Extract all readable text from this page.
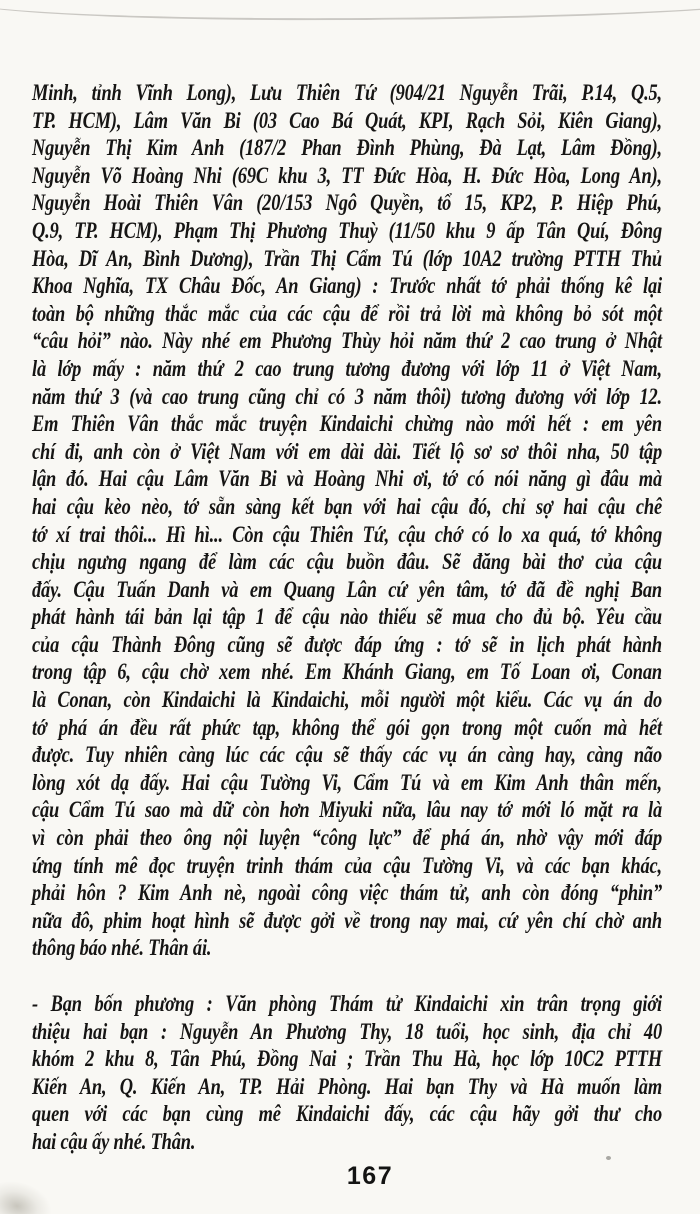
Minh, tỉnh Vĩnh Long), Lưu Thiên Tứ (904/21 Nguyễn Trãi, P.14, Q.5,
TP. HCM), Lâm Văn Bi (03 Cao Bá Quát, KPI, Rạch Sỏi, Kiên Giang),
Nguyễn Thị Kim Anh (187/2 Phan Đình Phùng, Đà Lạt, Lâm Đồng),
Nguyễn Võ Hoàng Nhi (69C khu 3, TT Đức Hòa, H. Đức Hòa, Long An),
Nguyễn Hoài Thiên Vân (20/153 Ngô Quyền, tổ 15, KP2, P. Hiệp Phú,
Q.9, TP. HCM), Phạm Thị Phương Thuỳ (11/50 khu 9 ấp Tân Quí, Đông
Hòa, Dĩ An, Bình Dương), Trần Thị Cẩm Tú (lớp 10A2 trường PTTH Thủ
Khoa Nghĩa, TX Châu Đốc, An Giang) : Trước nhất tớ phải thống kê lại
toàn bộ những thắc mắc của các cậu để rồi trả lời mà không bỏ sót một
“câu hỏi” nào. Này nhé em Phương Thùy hỏi năm thứ 2 cao trung ở Nhật
là lớp mấy : năm thứ 2 cao trung tương đương với lớp 11 ở Việt Nam,
năm thứ 3 (và cao trung cũng chỉ có 3 năm thôi) tương đương với lớp 12.
Em Thiên Vân thắc mắc truyện Kindaichi chừng nào mới hết : em yên
chí đi, anh còn ở Việt Nam với em dài dài. Tiết lộ sơ sơ thôi nha, 50 tập
lận đó. Hai cậu Lâm Văn Bi và Hoàng Nhi ơi, tớ có nói năng gì đâu mà
hai cậu kèo nèo, tớ sẵn sàng kết bạn với hai cậu đó, chỉ sợ hai cậu chê
tớ xí trai thôi... Hì hì... Còn cậu Thiên Tứ, cậu chớ có lo xa quá, tớ không
chịu ngưng ngang để làm các cậu buồn đâu. Sẽ đăng bài thơ của cậu
đấy. Cậu Tuấn Danh và em Quang Lân cứ yên tâm, tớ đã đề nghị Ban
phát hành tái bản lại tập 1 để cậu nào thiếu sẽ mua cho đủ bộ. Yêu cầu
của cậu Thành Đông cũng sẽ được đáp ứng : tớ sẽ in lịch phát hành
trong tập 6, cậu chờ xem nhé. Em Khánh Giang, em Tố Loan ơi, Conan
là Conan, còn Kindaichi là Kindaichi, mỗi người một kiểu. Các vụ án do
tớ phá án đều rất phức tạp, không thể gói gọn trong một cuốn mà hết
được. Tuy nhiên càng lúc các cậu sẽ thấy các vụ án càng hay, càng não
lòng xót dạ đấy. Hai cậu Tường Vi, Cẩm Tú và em Kim Anh thân mến,
cậu Cẩm Tú sao mà dữ còn hơn Miyuki nữa, lâu nay tớ mới ló mặt ra là
vì còn phải theo ông nội luyện “công lực” để phá án, nhờ vậy mới đáp
ứng tính mê đọc truyện trinh thám của cậu Tường Vi, và các bạn khác,
phải hôn ? Kim Anh nè, ngoài công việc thám tử, anh còn đóng “phin”
nữa đô, phim hoạt hình sẽ được gởi về trong nay mai, cứ yên chí chờ anh
thông báo nhé. Thân ái.
- Bạn bốn phương : Văn phòng Thám tử Kindaichi xin trân trọng giới
thiệu hai bạn : Nguyễn An Phương Thy, 18 tuổi, học sinh, địa chỉ 40
khóm 2 khu 8, Tân Phú, Đồng Nai ; Trần Thu Hà, học lớp 10C2 PTTH
Kiến An, Q. Kiến An, TP. Hải Phòng. Hai bạn Thy và Hà muốn làm
quen với các bạn cùng mê Kindaichi đấy, các cậu hãy gởi thư cho
hai cậu ấy nhé. Thân.
167
